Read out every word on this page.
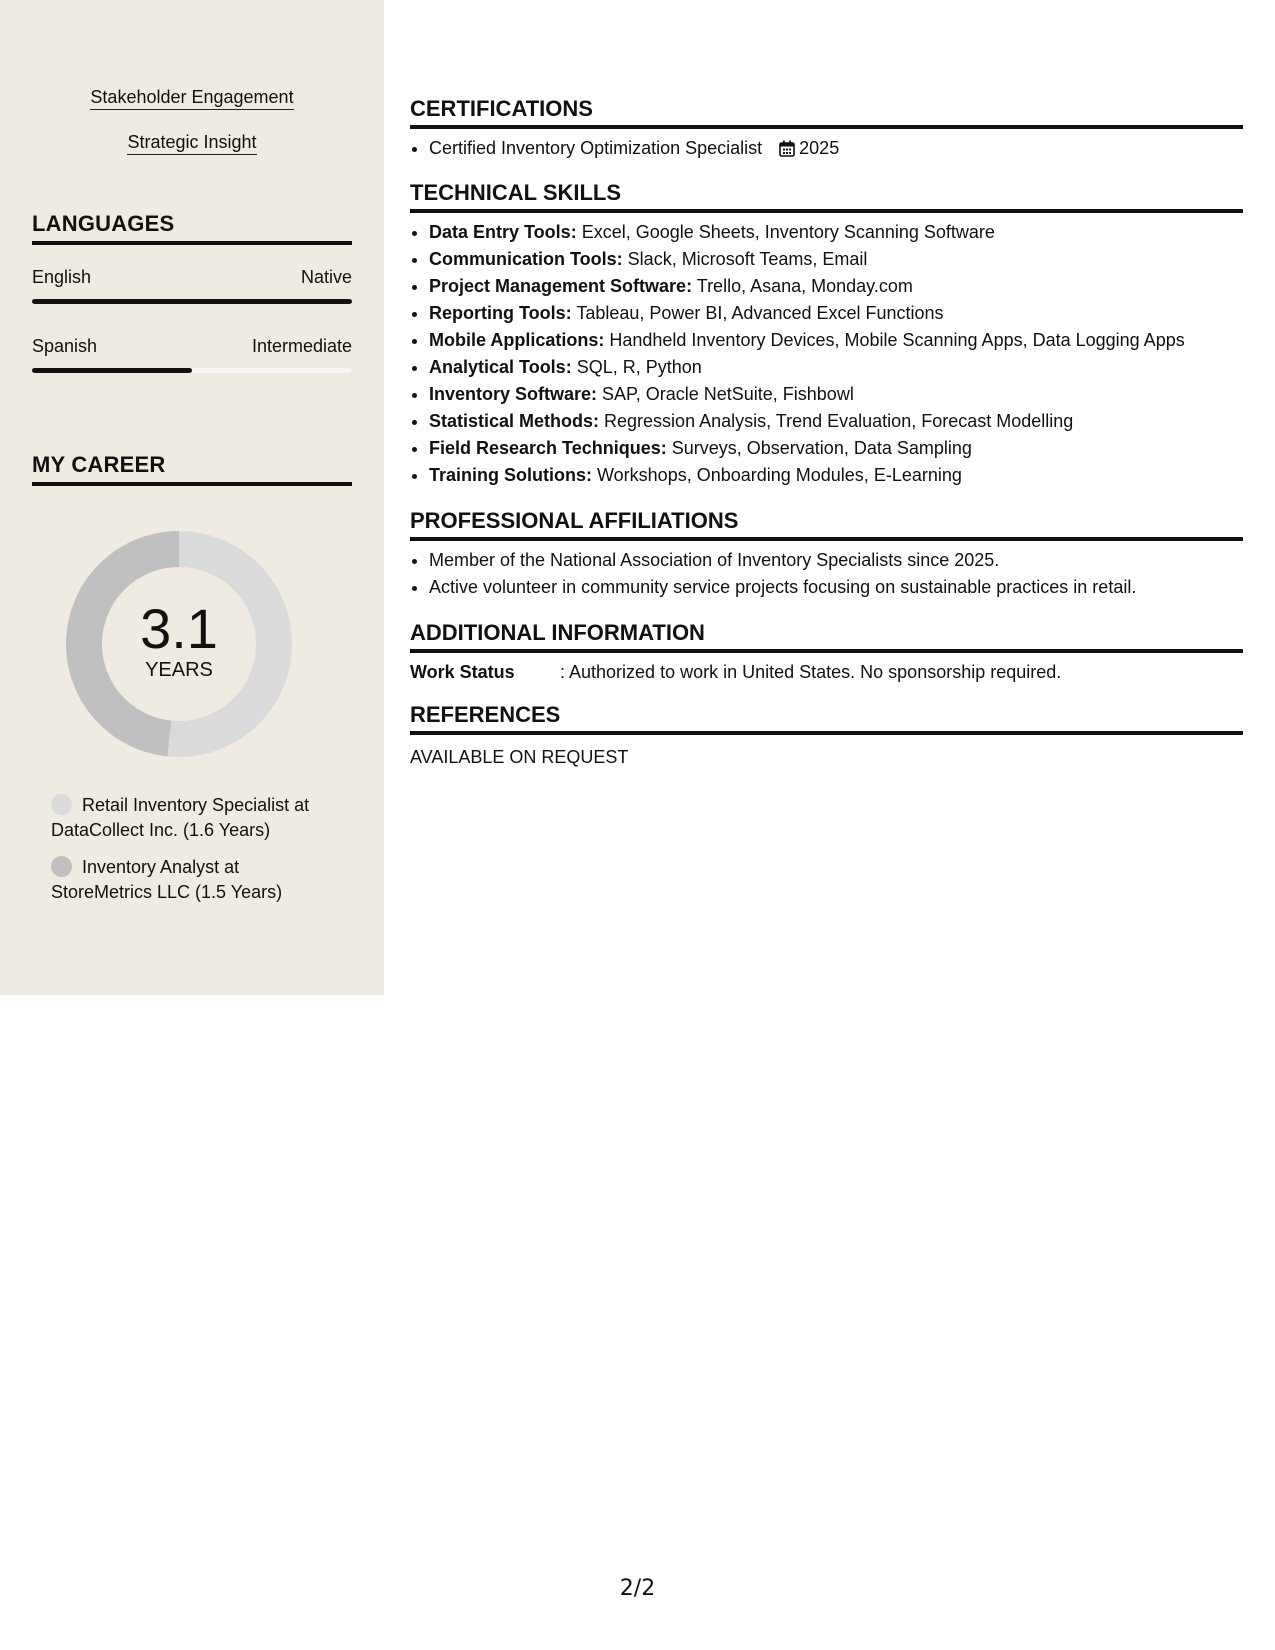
Stakeholder Engagement
Strategic Insight
LANGUAGES
English	Native
Spanish	Intermediate
MY CAREER
3.1
YEARS
Retail Inventory Specialist at DataCollect Inc. (1.6 Years)
Inventory Analyst at StoreMetrics LLC (1.5 Years)
CERTIFICATIONS
• Certified Inventory Optimization Specialist 2025
TECHNICAL SKILLS
• Data Entry Tools: Excel, Google Sheets, Inventory Scanning Software
• Communication Tools: Slack, Microsoft Teams, Email
• Project Management Software: Trello, Asana, Monday.com
• Reporting Tools: Tableau, Power BI, Advanced Excel Functions
• Mobile Applications: Handheld Inventory Devices, Mobile Scanning Apps, Data Logging Apps
• Analytical Tools: SQL, R, Python
• Inventory Software: SAP, Oracle NetSuite, Fishbowl
• Statistical Methods: Regression Analysis, Trend Evaluation, Forecast Modelling
• Field Research Techniques: Surveys, Observation, Data Sampling
• Training Solutions: Workshops, Onboarding Modules, E-Learning
PROFESSIONAL AFFILIATIONS
• Member of the National Association of Inventory Specialists since 2025.
• Active volunteer in community service projects focusing on sustainable practices in retail.
ADDITIONAL INFORMATION
Work Status	: Authorized to work in United States. No sponsorship required.
REFERENCES
AVAILABLE ON REQUEST
2/2
